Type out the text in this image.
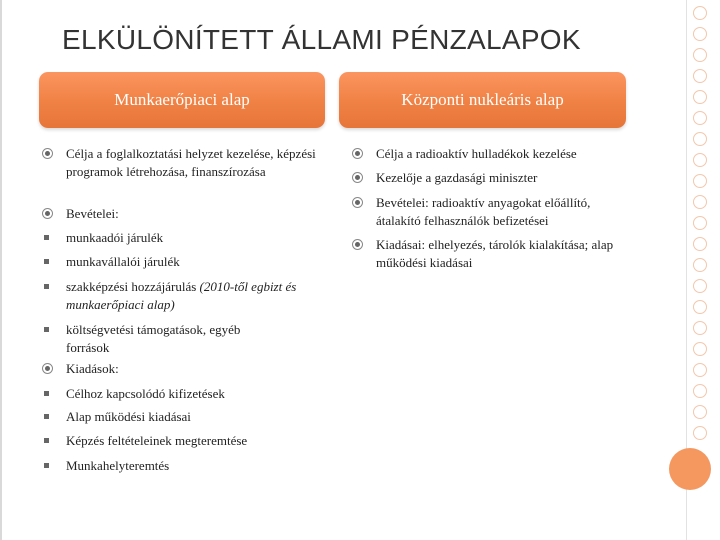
ELKÜLÖNÍTETT ÁLLAMI PÉNZALAPOK
Munkaerőpiaci alap	Központi nukleáris alap
Célja a foglalkoztatási helyzet kezelése, képzési programok létrehozása, finanszírozása
Bevételei:
munkaadói járulék
munkavállalói járulék
szakképzési hozzájárulás (2010-től egbizt és munkaerőpiaci alap)
költségvetési támogatások, egyéb források
Kiadások:
Célhoz kapcsolódó kifizetések
Alap működési kiadásai
Képzés feltételeinek megteremtése
Munkahelyteremtés
Célja a radioaktív hulladékok kezelése
Kezelője a gazdasági miniszter
Bevételei: radioaktív anyagokat előállító, átalakító felhasználók befizetései
Kiadásai: elhelyezés, tárolók kialakítása; alap működési kiadásai
